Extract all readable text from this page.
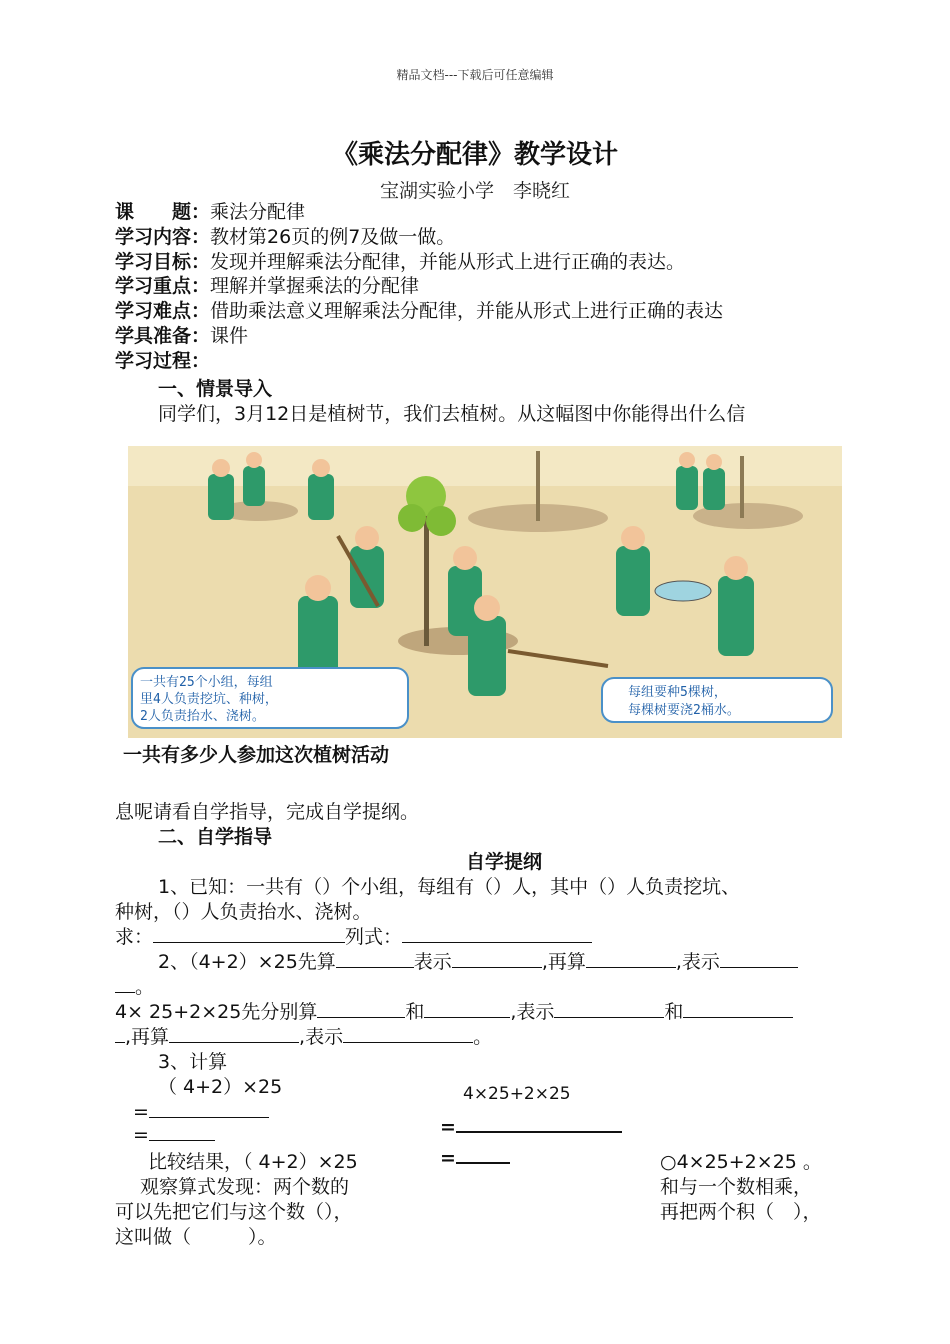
精品文档---下载后可任意编辑
《乘法分配律》教学设计
宝湖实验小学　李晓红
课　　题：乘法分配律
学习内容：教材第26页的例7及做一做。
学习目标：发现并理解乘法分配律，并能从形式上进行正确的表达。
学习重点：理解并掌握乘法的分配律
学习难点：借助乘法意义理解乘法分配律，并能从形式上进行正确的表达
学具准备：课件
学习过程：
一、情景导入
同学们，3月12日是植树节，我们去植树。从这幅图中你能得出什么信
一共有25个小组，每组
里4人负责挖坑、种树，
2人负责抬水、浇树。
每组要种5棵树，
每棵树要浇2桶水。
一共有多少人参加这次植树活动
息呢请看自学指导，完成自学提纲。
二、自学指导
自学提纲
1、已知：一共有（）个小组，每组有（）人，其中（）人负责挖坑、
种树，（）人负责抬水、浇树。
求：	列式：
2、（4+2）×25先算	表示	,再算	,表示
。
4× 25+2×25先分别算	和	,表示	和
,再算	,表示	。
3、计算
（ 4+2）×25	4×25+2×25
=
=	=
比较结果，（ 4+2）×25	=	○4×25+2×25 。
观察算式发现：两个数的	和与一个数相乘，
可以先把它们与这个数（），	再把两个积（　），
这叫做（　　　）。
